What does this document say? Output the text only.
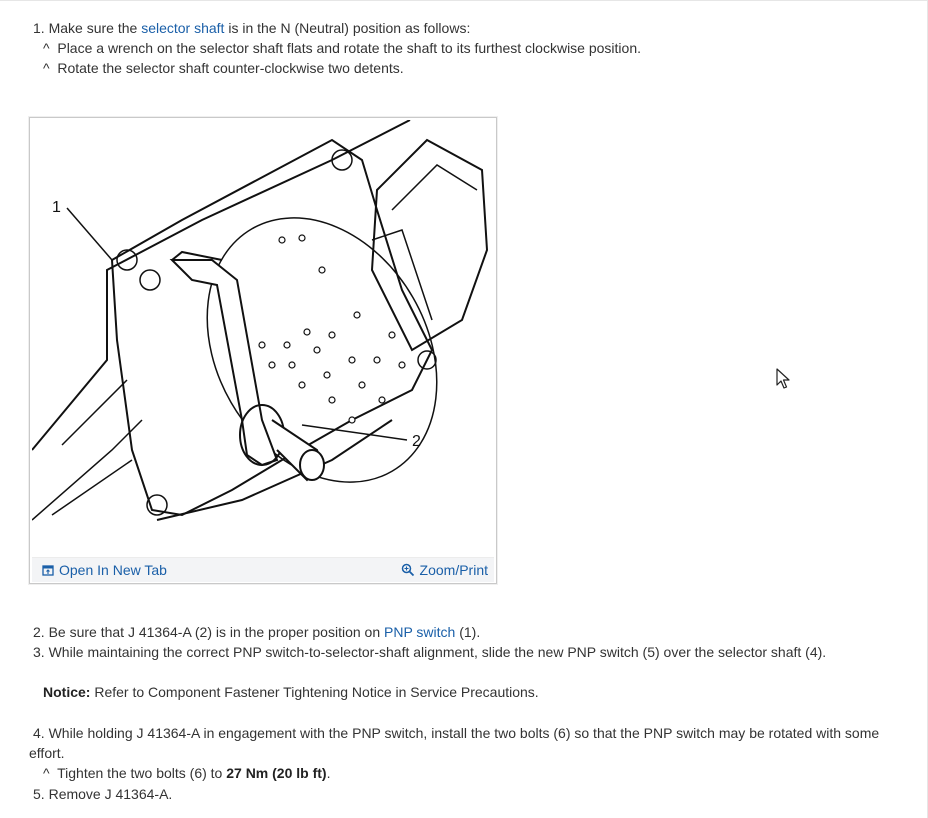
1. Make sure the selector shaft is in the N (Neutral) position as follows:
^ Place a wrench on the selector shaft flats and rotate the shaft to its furthest clockwise position.
^ Rotate the selector shaft counter-clockwise two detents.
1
2
Open In New Tab	Zoom/Print
2. Be sure that J 41364-A (2) is in the proper position on PNP switch (1).
3. While maintaining the correct PNP switch-to-selector-shaft alignment, slide the new PNP switch (5) over the selector shaft (4).
Notice: Refer to Component Fastener Tightening Notice in Service Precautions.
4. While holding J 41364-A in engagement with the PNP switch, install the two bolts (6) so that the PNP switch may be rotated with some
effort.
^ Tighten the two bolts (6) to 27 Nm (20 lb ft).
5. Remove J 41364-A.
